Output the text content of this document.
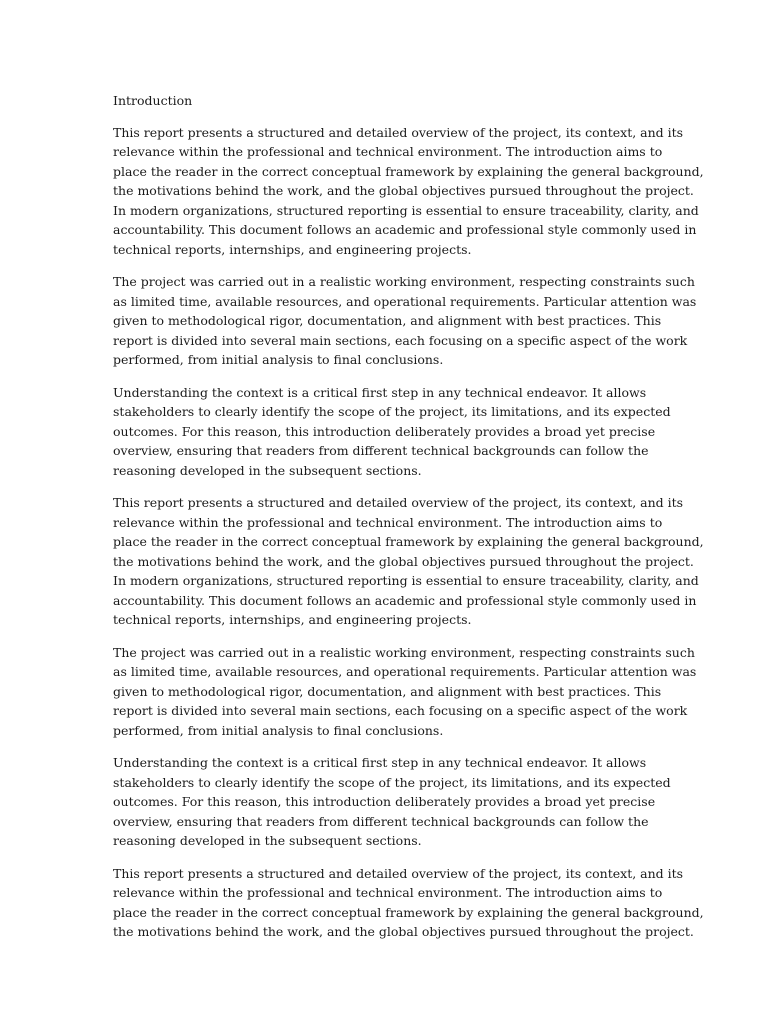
Introduction
This report presents a structured and detailed overview of the project, its context, and its
relevance within the professional and technical environment. The introduction aims to
place the reader in the correct conceptual framework by explaining the general background,
the motivations behind the work, and the global objectives pursued throughout the project.
In modern organizations, structured reporting is essential to ensure traceability, clarity, and
accountability. This document follows an academic and professional style commonly used in
technical reports, internships, and engineering projects.
The project was carried out in a realistic working environment, respecting constraints such
as limited time, available resources, and operational requirements. Particular attention was
given to methodological rigor, documentation, and alignment with best practices. This
report is divided into several main sections, each focusing on a specific aspect of the work
performed, from initial analysis to final conclusions.
Understanding the context is a critical first step in any technical endeavor. It allows
stakeholders to clearly identify the scope of the project, its limitations, and its expected
outcomes. For this reason, this introduction deliberately provides a broad yet precise
overview, ensuring that readers from different technical backgrounds can follow the
reasoning developed in the subsequent sections.
This report presents a structured and detailed overview of the project, its context, and its
relevance within the professional and technical environment. The introduction aims to
place the reader in the correct conceptual framework by explaining the general background,
the motivations behind the work, and the global objectives pursued throughout the project.
In modern organizations, structured reporting is essential to ensure traceability, clarity, and
accountability. This document follows an academic and professional style commonly used in
technical reports, internships, and engineering projects.
The project was carried out in a realistic working environment, respecting constraints such
as limited time, available resources, and operational requirements. Particular attention was
given to methodological rigor, documentation, and alignment with best practices. This
report is divided into several main sections, each focusing on a specific aspect of the work
performed, from initial analysis to final conclusions.
Understanding the context is a critical first step in any technical endeavor. It allows
stakeholders to clearly identify the scope of the project, its limitations, and its expected
outcomes. For this reason, this introduction deliberately provides a broad yet precise
overview, ensuring that readers from different technical backgrounds can follow the
reasoning developed in the subsequent sections.
This report presents a structured and detailed overview of the project, its context, and its
relevance within the professional and technical environment. The introduction aims to
place the reader in the correct conceptual framework by explaining the general background,
the motivations behind the work, and the global objectives pursued throughout the project.
